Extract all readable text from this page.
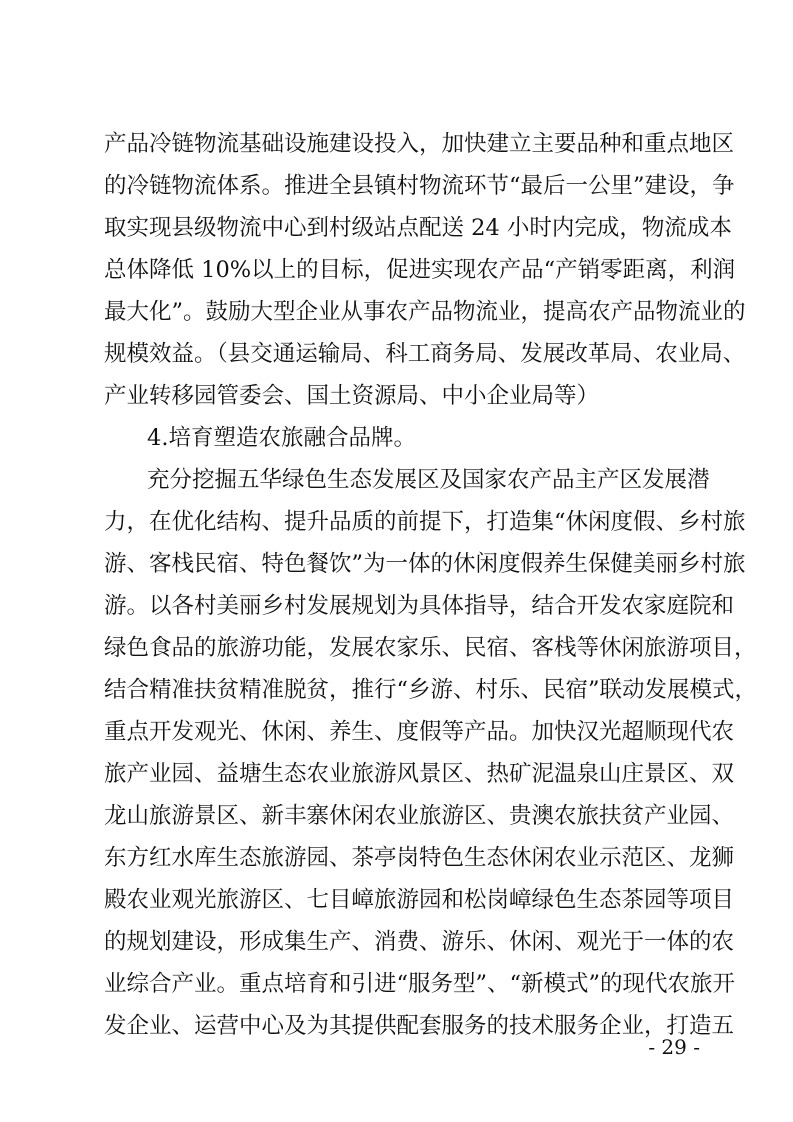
产品冷链物流基础设施建设投入，加快建立主要品种和重点地区
的冷链物流体系。推进全县镇村物流环节“最后一公里”建设，争
取实现县级物流中心到村级站点配送 24 小时内完成，物流成本
总体降低 10%以上的目标，促进实现农产品“产销零距离，利润
最大化”。鼓励大型企业从事农产品物流业，提高农产品物流业的
规模效益。（县交通运输局、科工商务局、发展改革局、农业局、
产业转移园管委会、国土资源局、中小企业局等）
4.培育塑造农旅融合品牌。
充分挖掘五华绿色生态发展区及国家农产品主产区发展潜
力，在优化结构、提升品质的前提下，打造集“休闲度假、乡村旅
游、客栈民宿、特色餐饮”为一体的休闲度假养生保健美丽乡村旅
游。以各村美丽乡村发展规划为具体指导，结合开发农家庭院和
绿色食品的旅游功能，发展农家乐、民宿、客栈等休闲旅游项目，
结合精准扶贫精准脱贫，推行“乡游、村乐、民宿”联动发展模式，
重点开发观光、休闲、养生、度假等产品。加快汉光超顺现代农
旅产业园、益塘生态农业旅游风景区、热矿泥温泉山庄景区、双
龙山旅游景区、新丰寨休闲农业旅游区、贵澳农旅扶贫产业园、
东方红水库生态旅游园、茶亭岗特色生态休闲农业示范区、龙狮
殿农业观光旅游区、七目嶂旅游园和松岗嶂绿色生态茶园等项目
的规划建设，形成集生产、消费、游乐、休闲、观光于一体的农
业综合产业。重点培育和引进“服务型”、“新模式”的现代农旅开
发企业、运营中心及为其提供配套服务的技术服务企业，打造五
- 29 -
